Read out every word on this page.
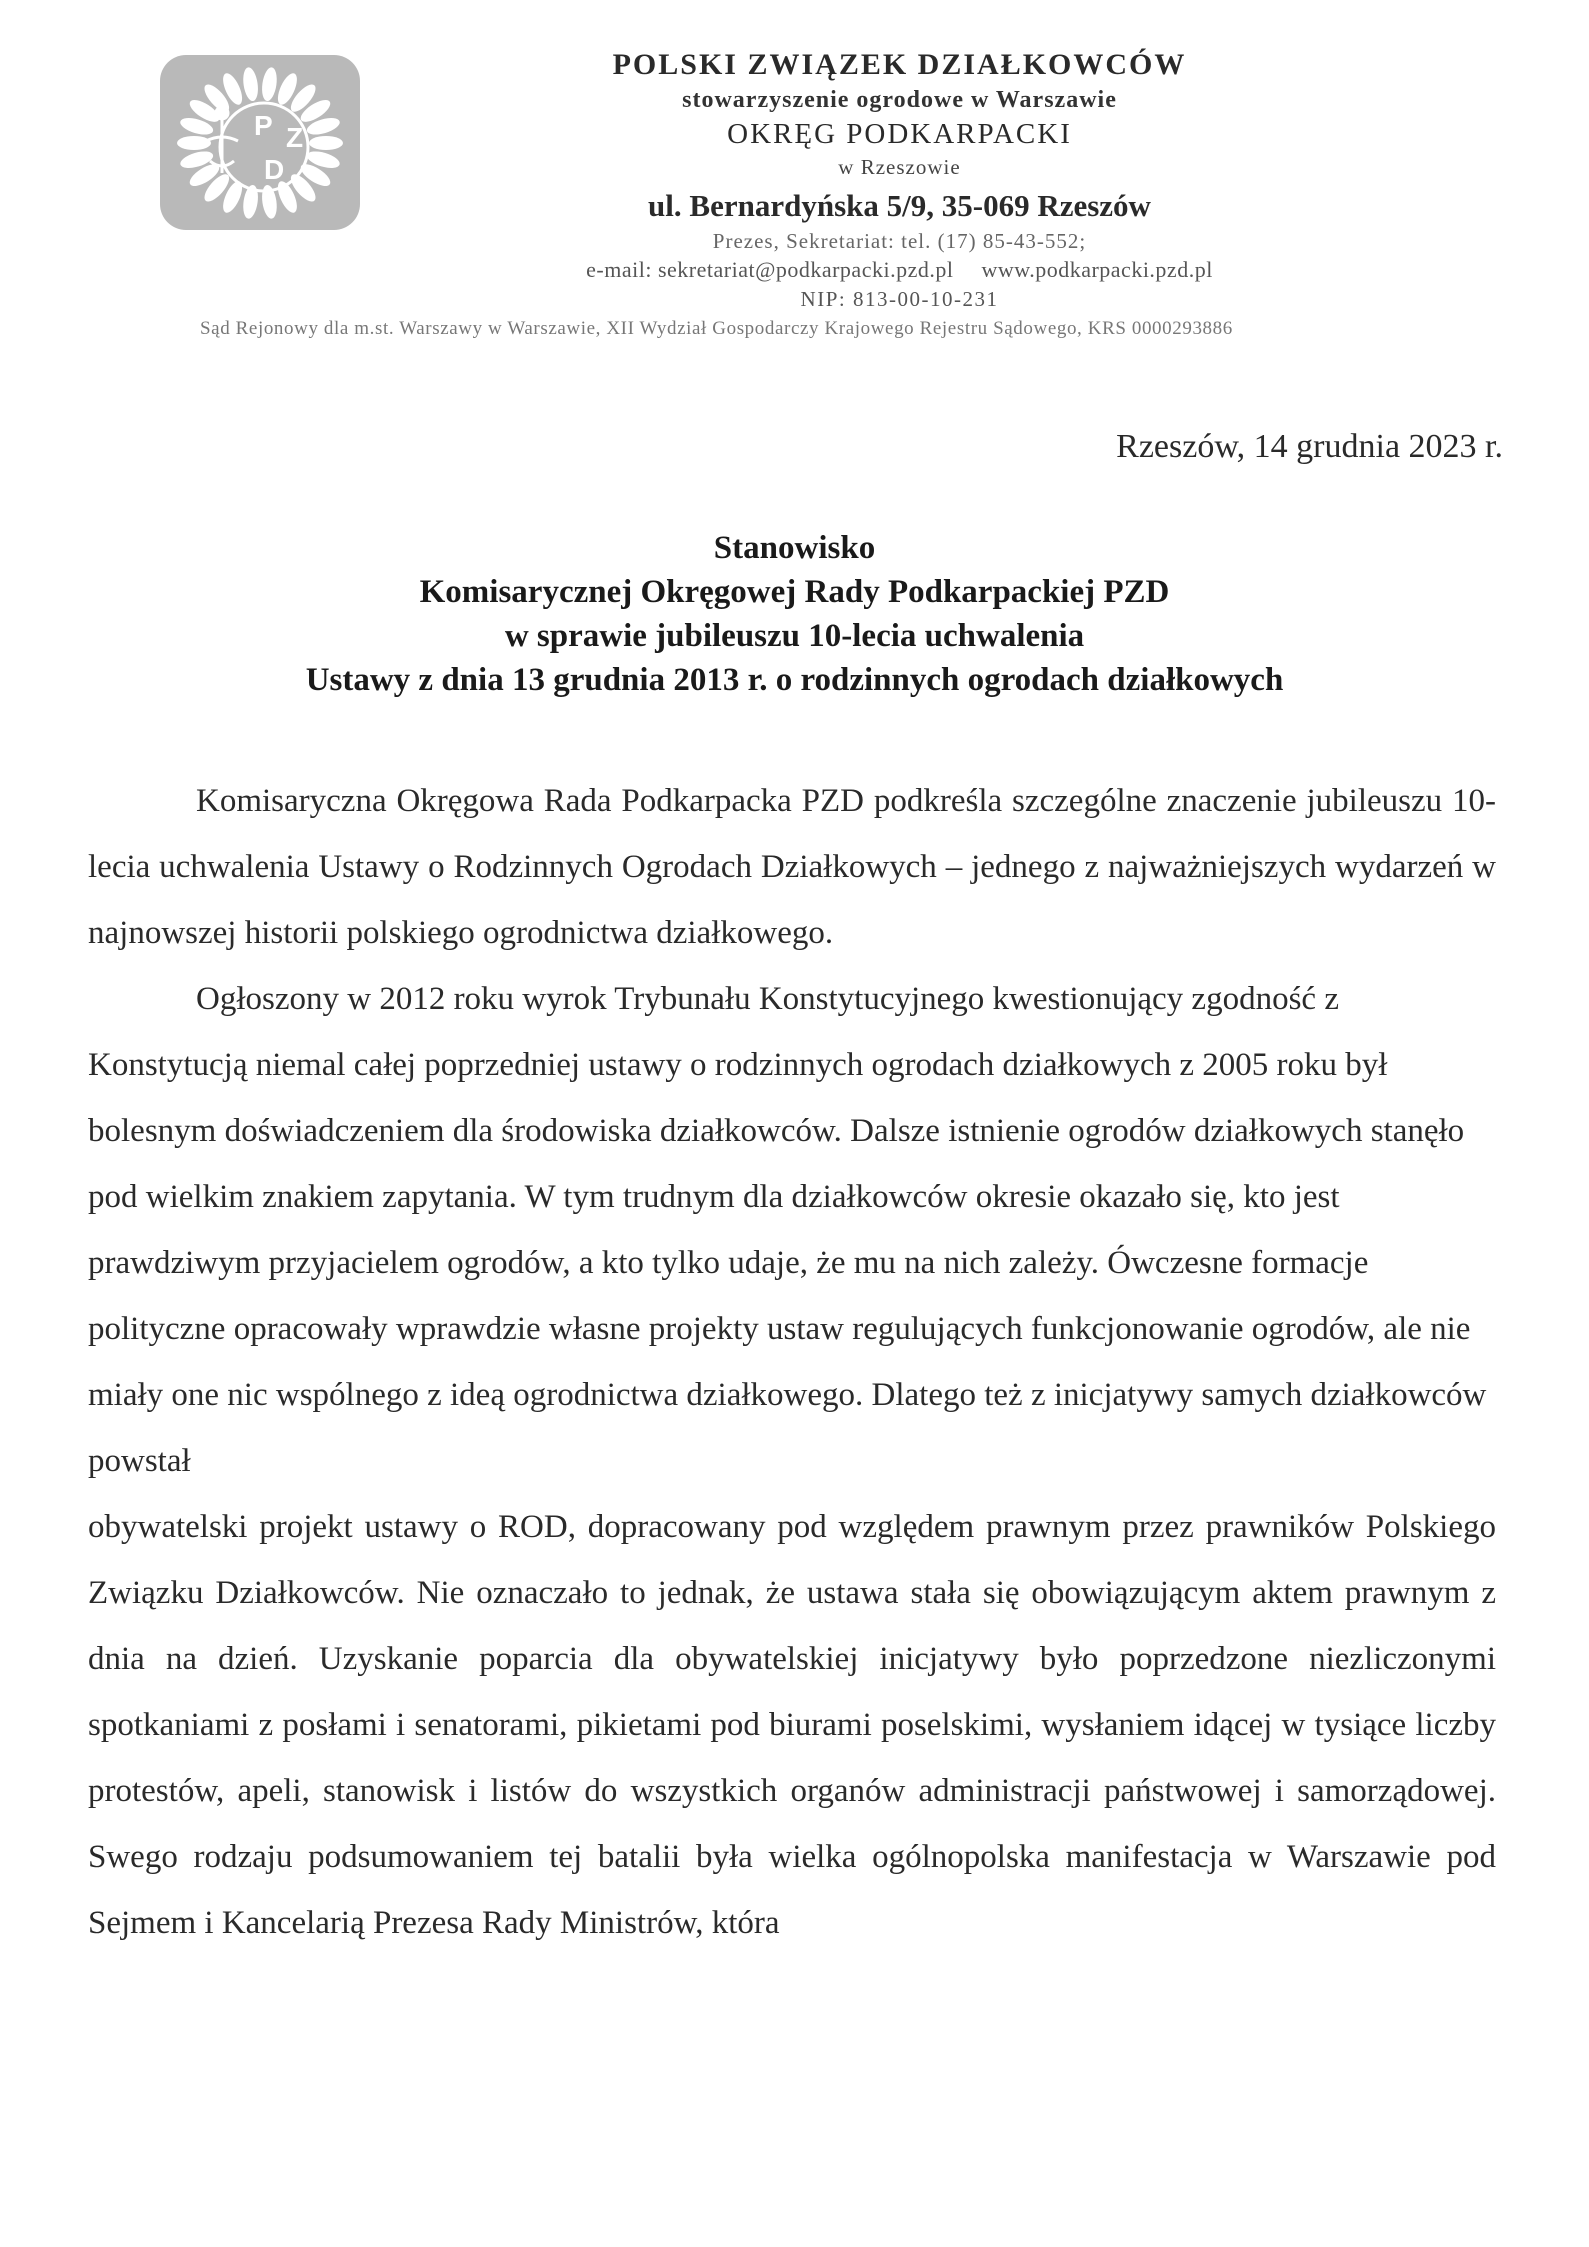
P Z
D
POLSKI ZWIĄZEK DZIAŁKOWCÓW
stowarzyszenie ogrodowe w Warszawie
OKRĘG PODKARPACKI
w Rzeszowie
ul. Bernardyńska 5/9, 35-069 Rzeszów
Prezes, Sekretariat: tel. (17) 85-43-552;
e-mail: sekretariat@podkarpacki.pzd.pl www.podkarpacki.pzd.pl
NIP: 813-00-10-231
Sąd Rejonowy dla m.st. Warszawy w Warszawie, XII Wydział Gospodarczy Krajowego Rejestru Sądowego, KRS 0000293886
Rzeszów, 14 grudnia 2023 r.
Stanowisko
Komisarycznej Okręgowej Rady Podkarpackiej PZD
w sprawie jubileuszu 10-lecia uchwalenia
Ustawy z dnia 13 grudnia 2013 r. o rodzinnych ogrodach działkowych

Komisaryczna Okręgowa Rada Podkarpacka PZD podkreśla szczególne znaczenie jubileuszu 10-lecia uchwalenia Ustawy o Rodzinnych Ogrodach Działkowych – jednego z najważniejszych wydarzeń w najnowszej historii polskiego ogrodnictwa działkowego.

Ogłoszony w 2012 roku wyrok Trybunału Konstytucyjnego kwestionujący zgodność z Konstytucją niemal całej poprzedniej ustawy o rodzinnych ogrodach działkowych z 2005 roku był bolesnym doświadczeniem dla środowiska działkowców. Dalsze istnienie ogrodów działkowych stanęło pod wielkim znakiem zapytania. W tym trudnym dla działkowców okresie okazało się, kto jest prawdziwym przyjacielem ogrodów, a kto tylko udaje, że mu na nich zależy. Ówczesne formacje polityczne opracowały wprawdzie własne projekty ustaw regulujących funkcjonowanie ogrodów, ale nie miały one nic wspólnego z ideą ogrodnictwa działkowego. Dlatego też z inicjatywy samych działkowców powstał

obywatelski projekt ustawy o ROD, dopracowany pod względem prawnym przez prawników Polskiego Związku Działkowców. Nie oznaczało to jednak, że ustawa stała się obowiązującym aktem prawnym z dnia na dzień. Uzyskanie poparcia dla obywatelskiej inicjatywy było poprzedzone niezliczonymi spotkaniami z posłami i senatorami, pikietami pod biurami poselskimi, wysłaniem idącej w tysiące liczby protestów, apeli, stanowisk i listów do wszystkich organów administracji państwowej i samorządowej. Swego rodzaju podsumowaniem tej batalii była wielka ogólnopolska manifestacja w Warszawie pod Sejmem i Kancelarią Prezesa Rady Ministrów, która
